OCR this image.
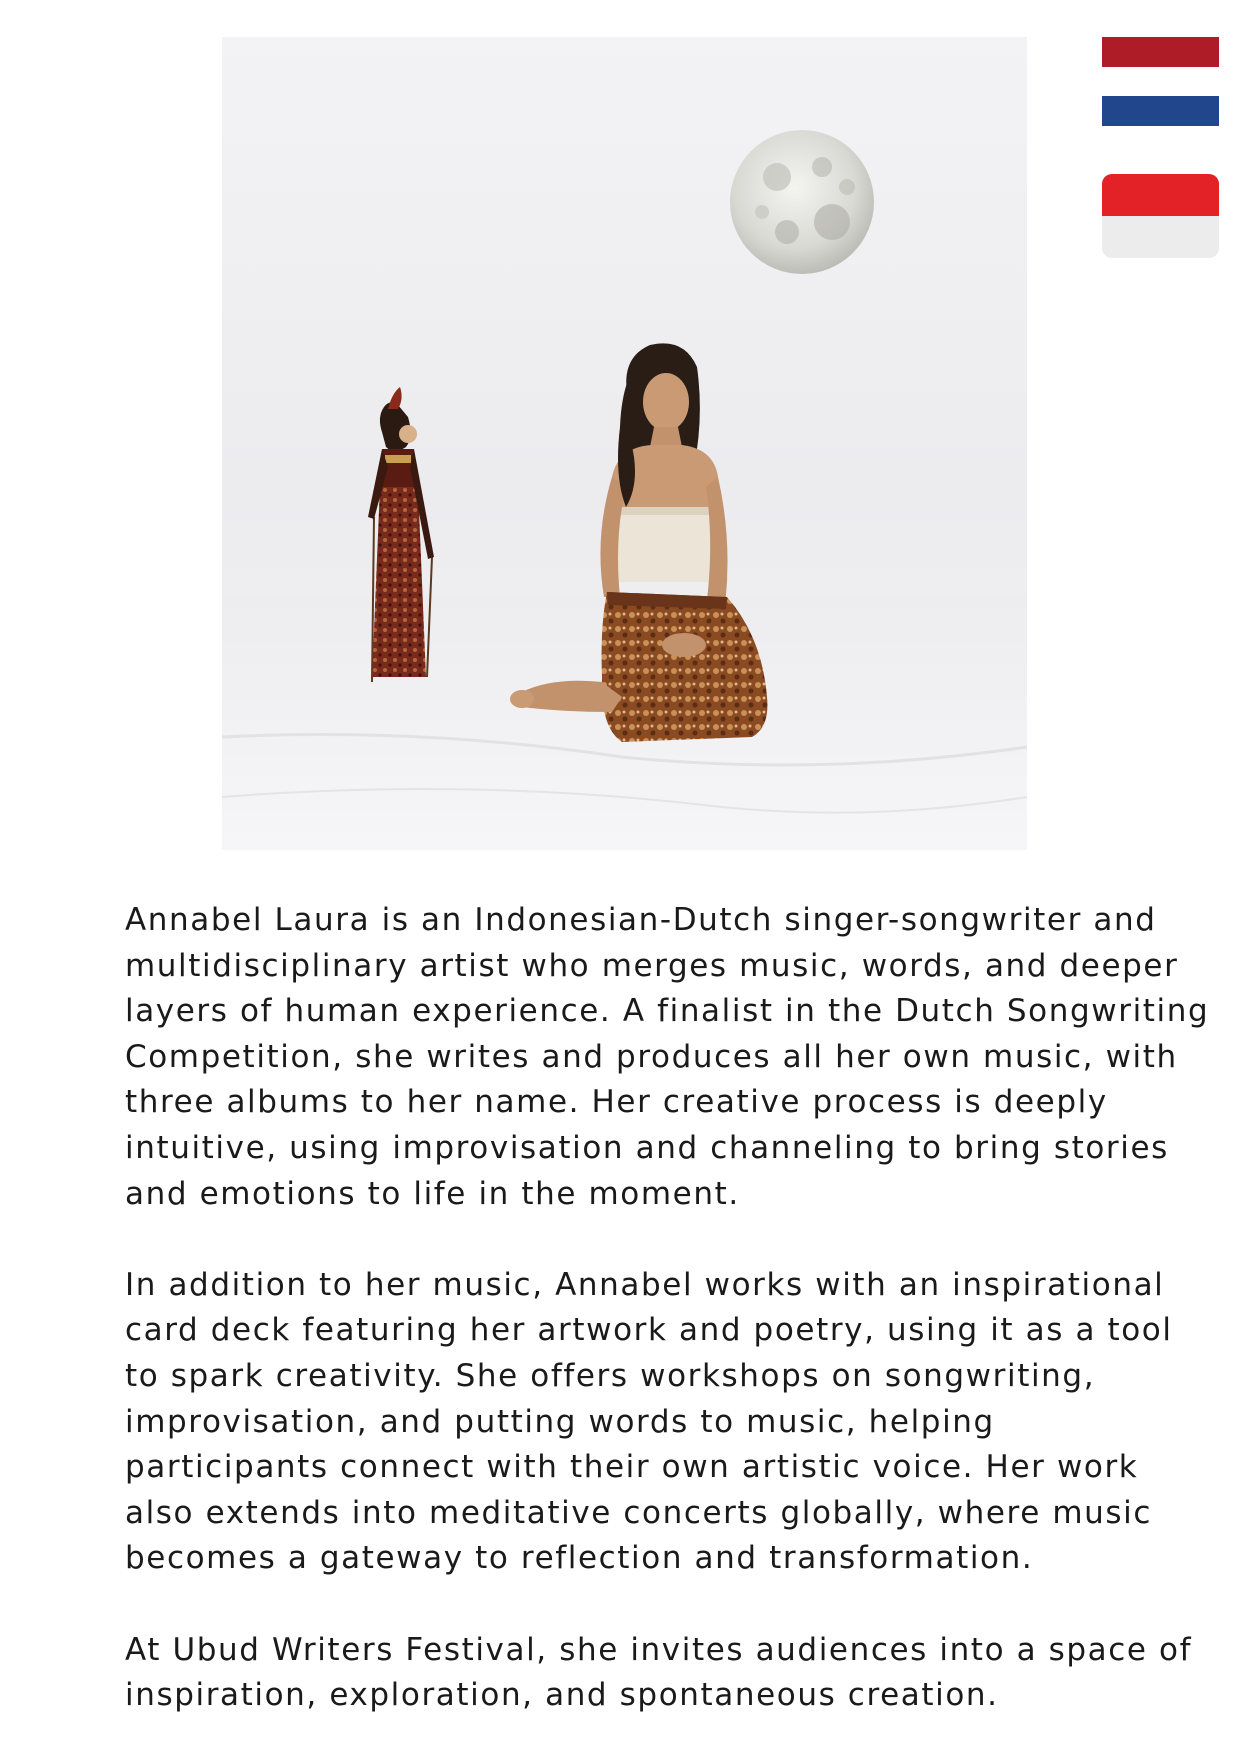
Annabel Laura is an Indonesian-Dutch singer-songwriter and
multidisciplinary artist who merges music, words, and deeper
layers of human experience. A finalist in the Dutch Songwriting
Competition, she writes and produces all her own music, with
three albums to her name. Her creative process is deeply
intuitive, using improvisation and channeling to bring stories
and emotions to life in the moment.

In addition to her music, Annabel works with an inspirational
card deck featuring her artwork and poetry, using it as a tool
to spark creativity. She offers workshops on songwriting,
improvisation, and putting words to music, helping
participants connect with their own artistic voice. Her work
also extends into meditative concerts globally, where music
becomes a gateway to reflection and transformation.

At Ubud Writers Festival, she invites audiences into a space of
inspiration, exploration, and spontaneous creation.
